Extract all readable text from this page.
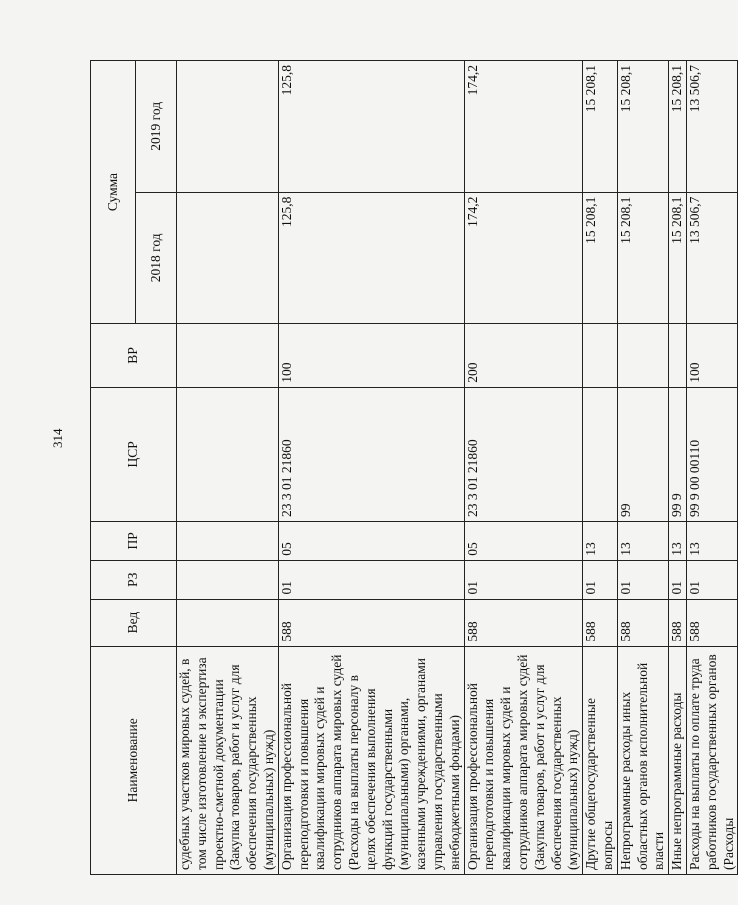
314
Наименование	Вед	РЗ	ПР	ЦСР	ВР	Сумма	
						2018 год	2019 год
судебных участков мировых судей, в том числе изготовление и экспертиза проектно-сметной документации (Закупка товаров, работ и услуг для обеспечения государственных (муниципальных) нужд)							
Организация профессиональной переподготовки и повышения квалификации мировых судей и сотрудников аппарата мировых судей (Расходы на выплаты персоналу в целях обеспечения выполнения функций государственными (муниципальными) органами, казенными учреждениями, органами управления государственными внебюджетными фондами)	588	01	05	23 3 01 21860	100	125,8	125,8
Организация профессиональной переподготовки и повышения квалификации мировых судей и сотрудников аппарата мировых судей (Закупка товаров, работ и услуг для обеспечения государственных (муниципальных) нужд)	588	01	05	23 3 01 21860	200	174,2	174,2
Другие общегосударственные вопросы	588	01	13			15 208,1	15 208,1
Непрограммные расходы иных областных органов исполнительной власти	588	01	13	99		15 208,1	15 208,1
Иные непрограммные расходы	588	01	13	99 9		15 208,1	15 208,1
Расходы на выплаты по оплате труда работников государственных органов (Расходы	588	01	13	99 9 00 00110	100	13 506,7	13 506,7
